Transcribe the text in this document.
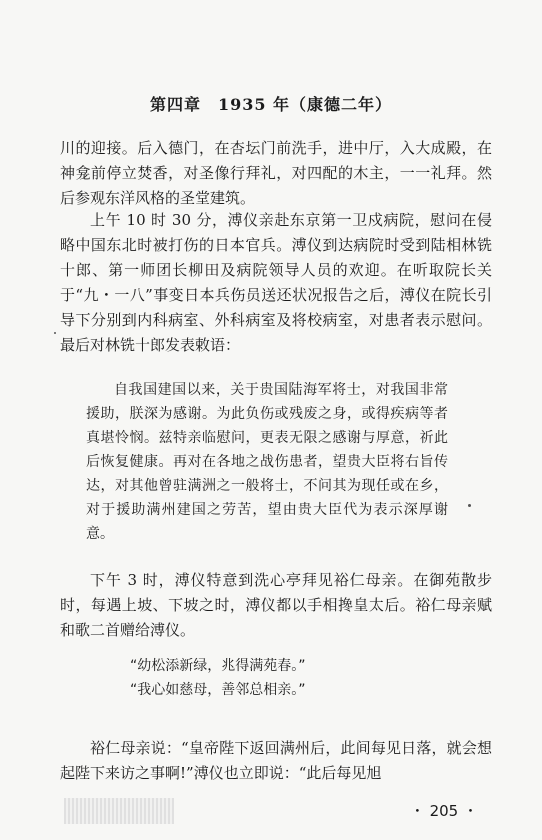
第四章　1935 年（康德二年）

川的迎接。后入德门，在杏坛门前洗手，进中厅，入大成殿，在神龛前停立焚香，对圣像行拜礼，对四配的木主，一一礼拜。然后参观东洋风格的圣堂建筑。

上午 10 时 30 分，溥仪亲赴东京第一卫戍病院，慰问在侵略中国东北时被打伤的日本官兵。溥仪到达病院时受到陆相林铣十郎、第一师团长柳田及病院领导人员的欢迎。在听取院长关于“九・一八”事变日本兵伤员送还状况报告之后，溥仪在院长引导下分别到内科病室、外科病室及将校病室，对患者表示慰问。最后对林铣十郎发表敕语：

自我国建国以来，关于贵国陆海军将士，对我国非常援助，朕深为感谢。为此负伤或残废之身，或得疾病等者真堪怜悯。兹特亲临慰问，更表无限之感谢与厚意，祈此后恢复健康。再对在各地之战伤患者，望贵大臣将右旨传达，对其他曾驻满洲之一般将士，不问其为现任或在乡，对于援助满州建国之劳苦，望由贵大臣代为表示深厚谢意。

下午 3 时，溥仪特意到洗心亭拜见裕仁母亲。在御苑散步时，每遇上坡、下坡之时，溥仪都以手相搀皇太后。裕仁母亲赋和歌二首赠给溥仪。

“幼松添新绿，兆得满苑春。”
“我心如慈母，善邻总相亲。”

裕仁母亲说：“皇帝陛下返回满州后，此间每见日落，就会想起陛下来访之事啊!”溥仪也立即说：“此后每见旭

・ 205 ・
